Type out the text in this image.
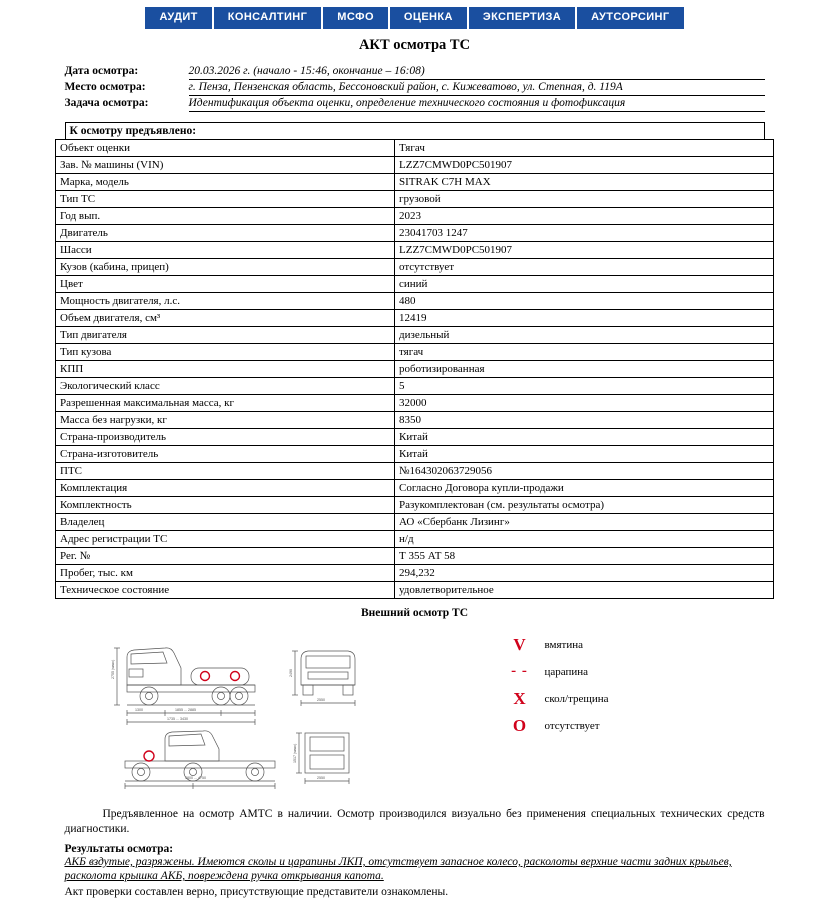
АУДИТ	КОНСАЛТИНГ	МСФО	ОЦЕНКА	ЭКСПЕРТИЗА	АУТСОРСИНГ
АКТ осмотра ТС
Дата осмотра:	20.03.2026 г. (начало - 15:46, окончание – 16:08)
Место осмотра:	г. Пенза, Пензенская область, Бессоновский район, с. Кижеватово, ул. Степная, д. 119А
Задача осмотра:	Идентификация объекта оценки, определение технического состояния и фотофиксация
К осмотру предъявлено:
Объект оценки	Тягач
Зав. № машины (VIN)	LZZ7CMWD0PC501907
Марка, модель	SITRAK C7H MAX
Тип ТС	грузовой
Год вып.	2023
Двигатель	23041703 1247
Шасси	LZZ7CMWD0PC501907
Кузов (кабина, прицеп)	отсутствует
Цвет	синий
Мощность двигателя, л.с.	480
Объем двигателя, см³	12419
Тип двигателя	дизельный
Тип кузова	тягач
КПП	роботизированная
Экологический класс	5
Разрешенная максимальная масса, кг	32000
Масса без нагрузки, кг	8350
Страна-производитель	Китай
Страна-изготовитель	Китай
ПТС	№164302063729056
Комплектация	Согласно Договора купли-продажи
Комплектность	Разукомплектован (см. результаты осмотра)
Владелец	АО «Сбербанк Лизинг»
Адрес регистрации ТС	н/д
Рег. №	Т 355 АТ 58
Пробег, тыс. км	294,232
Техническое состояние	удовлетворительное
Внешний осмотр ТС
2755 (макс)
1300	1855 ... 2885
1735 ... 3430
2490
2550
1517 (макс)
3800 ... 4750	2550
V	вмятина
- -	царапина
X	скол/трещина
O	отсутствует
Предъявленное на осмотр АМТС в наличии. Осмотр производился визуально без применения специальных технических средств диагностики.
Результаты осмотра:
АКБ вздутые, разряжены. Имеются сколы и царапины ЛКП, отсутствует запасное колесо, расколоты верхние части задних крыльев, расколота крышка АКБ, повреждена ручка открывания капота.
Акт проверки составлен верно, присутствующие представители ознакомлены.
